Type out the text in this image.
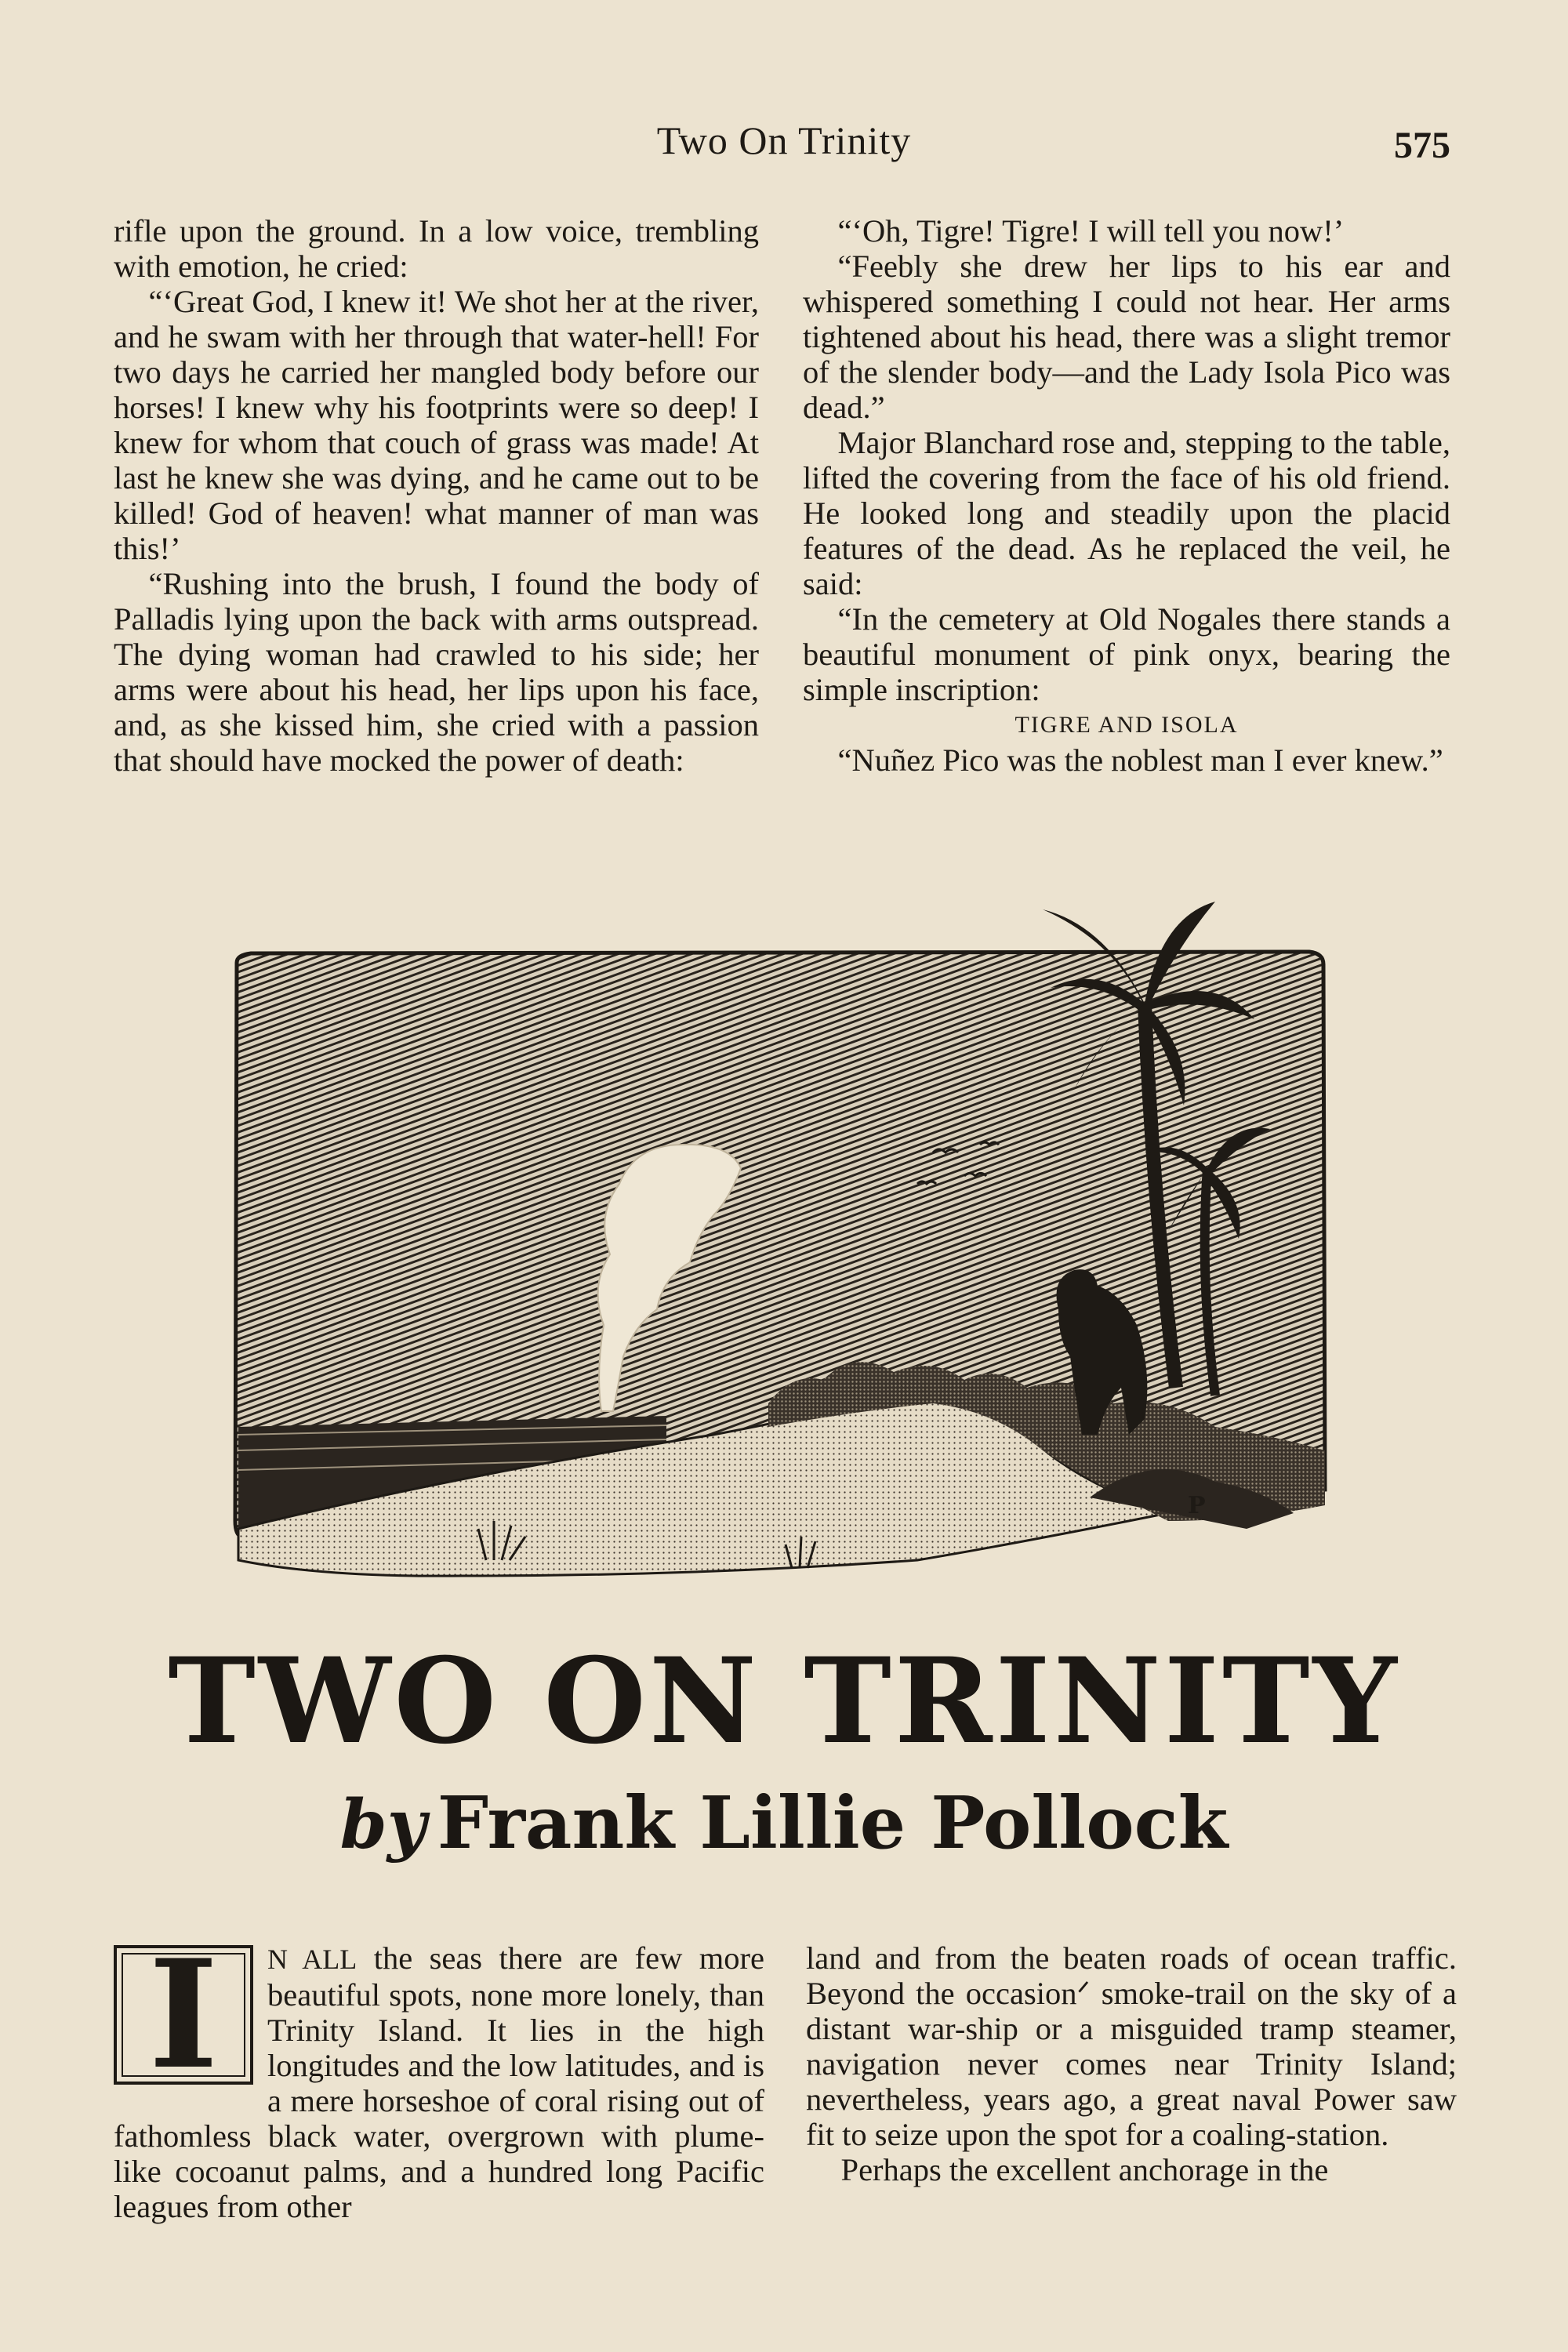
Two On Trinity	575

rifle upon the ground. In a low voice, trembling with emotion, he cried:

“‘Great God, I knew it! We shot her at the river, and he swam with her through that water-hell! For two days he carried her mangled body before our horses! I knew why his footprints were so deep! I knew for whom that couch of grass was made! At last he knew she was dying, and he came out to be killed! God of heaven! what manner of man was this!’

“Rushing into the brush, I found the body of Palladis lying upon the back with arms outspread. The dying woman had crawled to his side; her arms were about his head, her lips upon his face, and, as she kissed him, she cried with a passion that should have mocked the power of death:

“‘Oh, Tigre! Tigre! I will tell you now!’

“Feebly she drew her lips to his ear and whispered something I could not hear. Her arms tightened about his head, there was a slight tremor of the slender body—and the Lady Isola Pico was dead.”

Major Blanchard rose and, stepping to the table, lifted the covering from the face of his old friend. He looked long and steadily upon the placid features of the dead. As he replaced the veil, he said:

“In the cemetery at Old Nogales there stands a beautiful monument of pink onyx, bearing the simple inscription:

TIGRE AND ISOLA

“Nuñez Pico was the noblest man I ever knew.”

P
TWO ON TRINITY
by Frank Lillie Pollock

I N ALL the seas there are few more beautiful spots, none more lonely, than Trinity Island. It lies in the high longitudes and the low latitudes, and is a mere horseshoe of coral rising out of fathomless black water, overgrown with plume-like cocoanut palms, and a hundred long Pacific leagues from other

land and from the beaten roads of ocean traffic. Beyond the occasion⁠ᐟ smoke-trail on the sky of a distant war-ship or a misguided tramp steamer, navigation never comes near Trinity Island; nevertheless, years ago, a great naval Power saw fit to seize upon the spot for a coaling-station.

Perhaps the excellent anchorage in the
